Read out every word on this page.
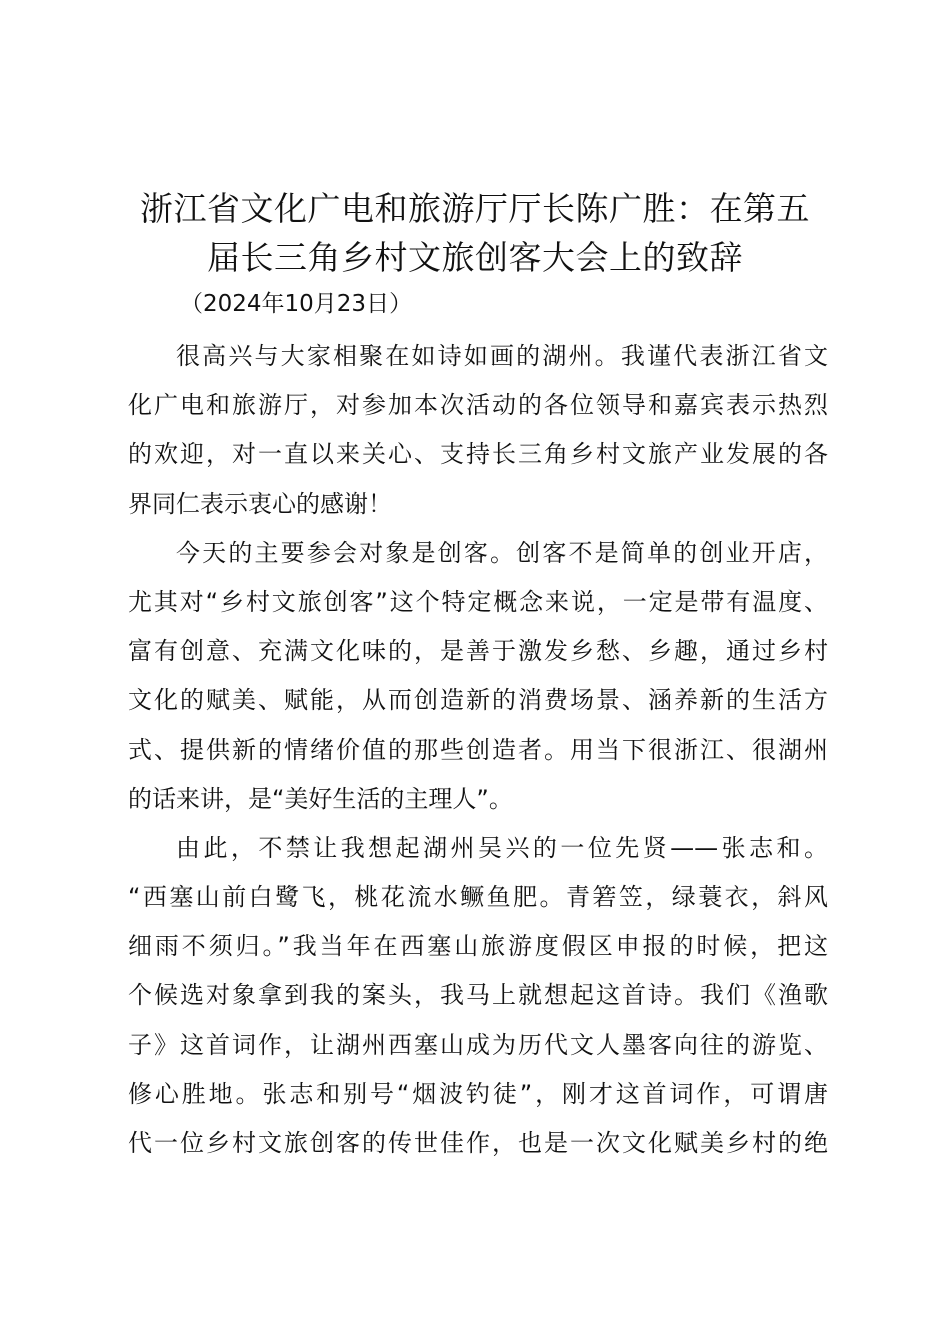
浙江省文化广电和旅游厅厅长陈广胜：在第五
届长三角乡村文旅创客大会上的致辞
（2024年10月23日）

很高兴与大家相聚在如诗如画的湖州。我谨代表浙江省文
化广电和旅游厅，对参加本次活动的各位领导和嘉宾表示热烈
的欢迎，对一直以来关心、支持长三角乡村文旅产业发展的各
界同仁表示衷心的感谢！

今天的主要参会对象是创客。创客不是简单的创业开店，
尤其对“乡村文旅创客”这个特定概念来说，一定是带有温度、
富有创意、充满文化味的，是善于激发乡愁、乡趣，通过乡村
文化的赋美、赋能，从而创造新的消费场景、涵养新的生活方
式、提供新的情绪价值的那些创造者。用当下很浙江、很湖州
的话来讲，是“美好生活的主理人”。

由此，不禁让我想起湖州吴兴的一位先贤——张志和。
“西塞山前白鹭飞，桃花流水鳜鱼肥。青箬笠，绿蓑衣，斜风
细雨不须归。”我当年在西塞山旅游度假区申报的时候，把这
个候选对象拿到我的案头，我马上就想起这首诗。我们《渔歌
子》这首词作，让湖州西塞山成为历代文人墨客向往的游览、
修心胜地。张志和别号“烟波钓徒”，刚才这首词作，可谓唐
代一位乡村文旅创客的传世佳作，也是一次文化赋美乡村的绝
